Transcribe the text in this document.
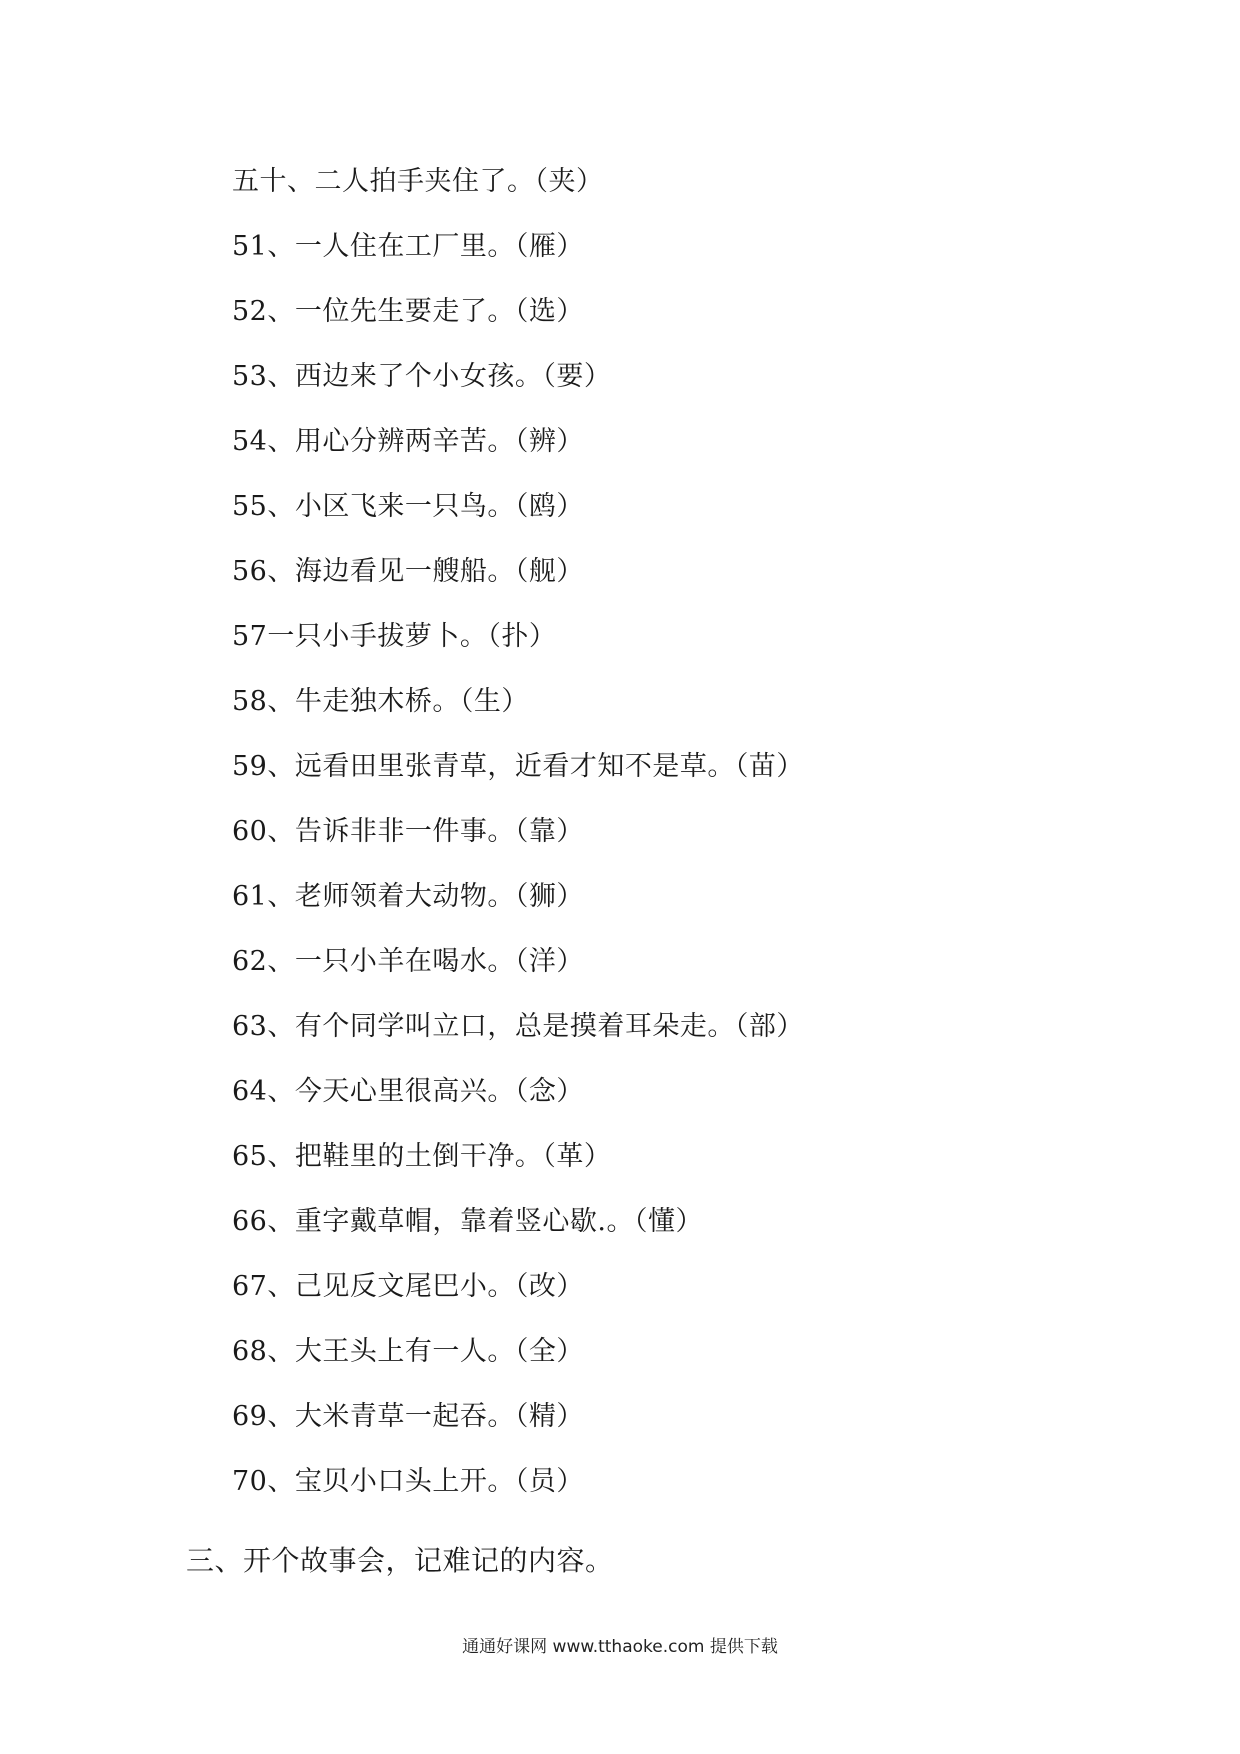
五十、二人拍手夹住了。（夹）
51、一人住在工厂里。（雁）
52、一位先生要走了。（选）
53、西边来了个小女孩。（要）
54、用心分辨两辛苦。（辨）
55、小区飞来一只鸟。（鸥）
56、海边看见一艘船。（舰）
57一只小手拔萝卜。（扑）
58、牛走独木桥。（生）
59、远看田里张青草，近看才知不是草。（苗）
60、告诉非非一件事。（靠）
61、老师领着大动物。（狮）
62、一只小羊在喝水。（洋）
63、有个同学叫立口，总是摸着耳朵走。（部）
64、今天心里很高兴。（念）
65、把鞋里的土倒干净。（革）
66、重字戴草帽，靠着竖心歇.。（懂）
67、己见反文尾巴小。（改）
68、大王头上有一人。（全）
69、大米青草一起吞。（精）
70、宝贝小口头上开。（员）
三、开个故事会，记难记的内容。
通通好课网 www.tthaoke.com 提供下载
